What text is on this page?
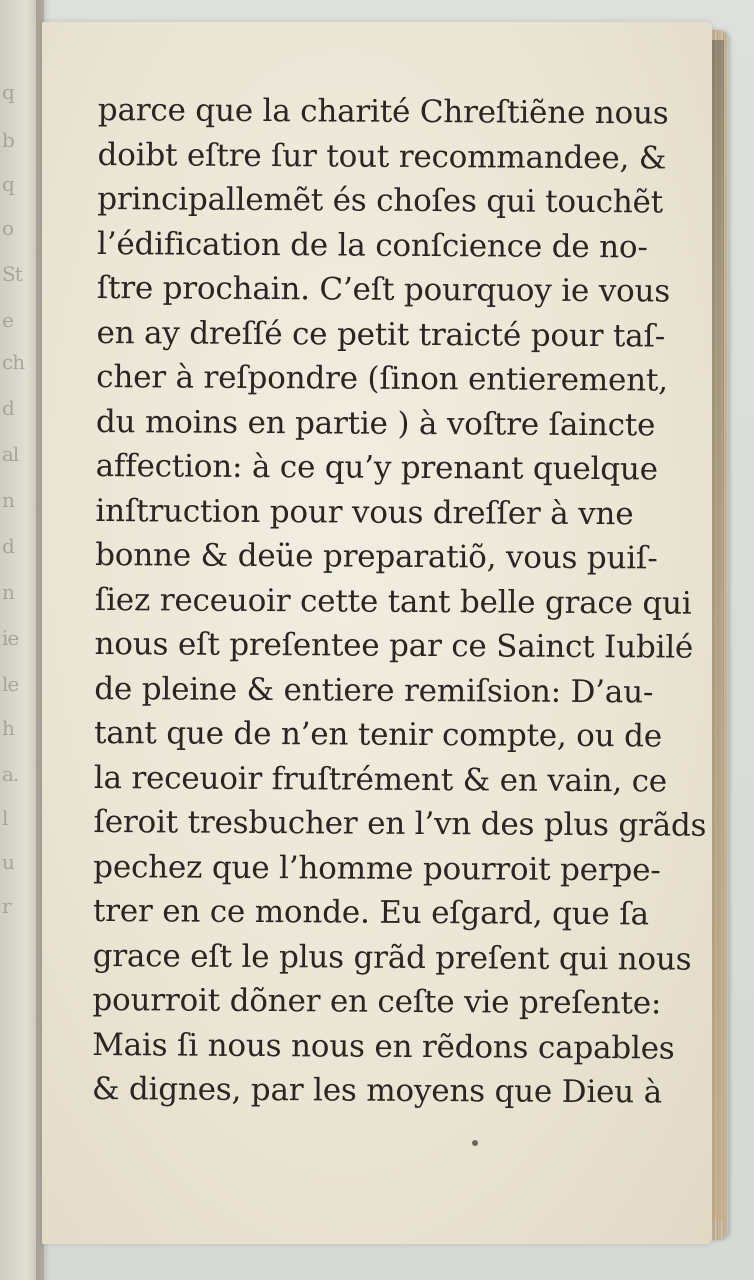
q
b
q
o
St
e
ch
d
al
n
d
n
ie
le
h
a.
l
u
r
parce que la charité Chreſtiẽne nous
doibt eſtre ſur tout recommandee, &
principallemẽt és choſes qui touchẽt
l’édification de la conſcience de no-
ſtre prochain. C’eſt pourquoy ie vous
en ay dreſſé ce petit traicté pour taſ-
cher à reſpondre (ſinon entierement,
du moins en partie ) à voſtre ſaincte
affection: à ce qu’y prenant quelque
inſtruction pour vous dreſſer à vne
bonne & deüe preparatiõ, vous puiſ-
ſiez receuoir cette tant belle grace qui
nous eſt preſentee par ce Sainct Iubilé
de pleine & entiere remiſsion: D’au-
tant que de n’en tenir compte, ou de
la receuoir fruſtrément & en vain, ce
ſeroit tresbucher en l’vn des plus grãds
pechez que l’homme pourroit perpe-
trer en ce monde. Eu eſgard, que ſa
grace eſt le plus grãd preſent qui nous
pourroit dõner en ceſte vie preſente:
Mais ſi nous nous en rẽdons capables
& dignes, par les moyens que Dieu à
